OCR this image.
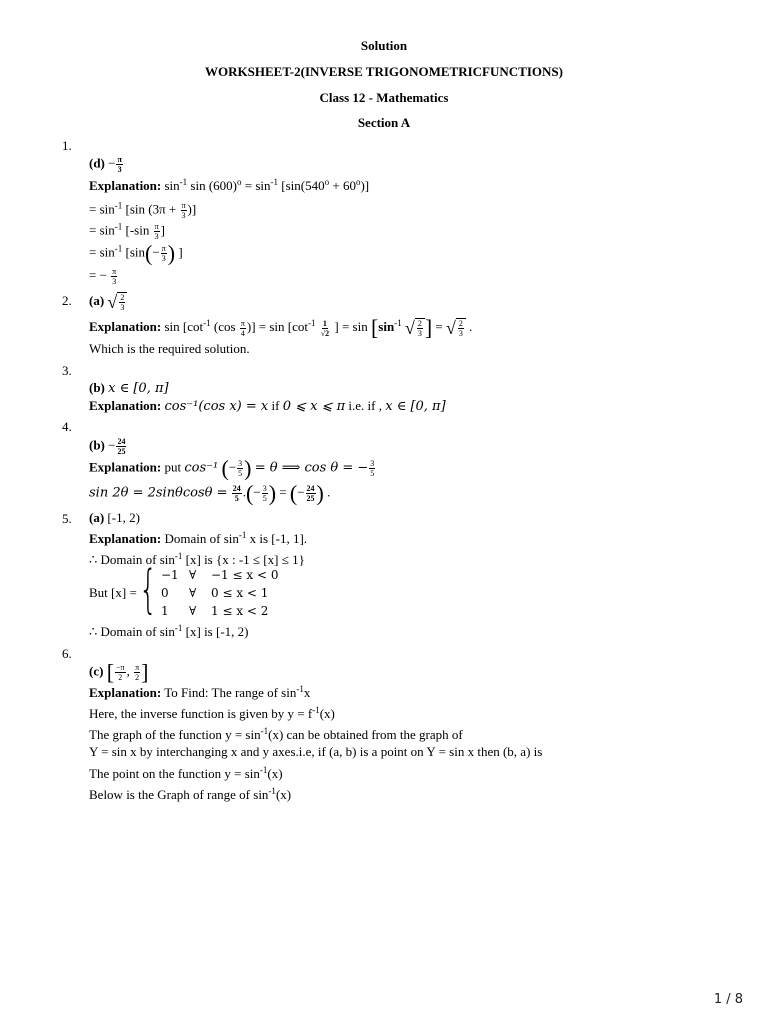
Solution
WORKSHEET-2(INVERSE TRIGONOMETRICFUNCTIONS)
Class 12 - Mathematics
Section A
1.
$(d) - \frac{\pi}{3}$
Explanation: $\sin^{-1} \sin (600)^o = \sin^{-1} [\sin(540^o + 60^o)]$
= $\sin^{-1} [\sin$ ($3\pi + \frac{\pi}{3}$ )]
= $\sin^{-1} [-\sin \frac{\pi}{3}$ ]
= $\sin^{-1} [\sin(- \frac{\pi}{3}$ ) ]
= − $\frac{\pi}{3}$
2. (a) √ $\frac{2}{3}$
Explanation: $\sin [\cot^{-1}$ ($\cos \frac{\pi}{4}$ )] = $\sin [\cot^{-1} \frac{1}{√2}$ ] = $\sin [\sin^{-1}$ √ $\frac{2}{3}$ ] = √ $\frac{2}{3}$ .
Which is the required solution.
3.
(b) x ∈ [0, π]
Explanation: cos⁻¹(cos x) = x if 0 ⩽ x ⩽ π i.e. if , x ∈ [0, π]
4.
$(b) - \frac{24}{25}$
Explanation: put cos⁻¹ (− $\frac{3}{5}$ ) = θ ⟹ cos θ = − $\frac{3}{5}$
$\sin 2\theta = 2\sin\theta\cos\theta = \frac{24}{5}$ .(− $\frac{3}{5}$ ) = (− $\frac{24}{25}$ ) .
5. (a) [-1, 2)
Explanation: Domain of $\sin^{-1} x$ is [-1, 1].
∴ Domain of $\sin^{-1} [x]$ is {x : -1 ≤ [x] ≤ 1}
But [x] = { −1 ∀ −1 ≤ x < 0
0 ∀ 0 ≤ x < 1
1 ∀ 1 ≤ x < 2
∴ Domain of $\sin^{-1} [x]$ is [-1, 2)
6.
(c) [ $\frac{-\pi}{2}$ , $\frac{\pi}{2}$ ]
Explanation: To Find: The range of $\sin^{-1}x$
Here, the inverse function is given by $y = f^{-1}(x)$
The graph of the function $y = \sin^{-1}(x)$ can be obtained from the graph of
Y = sin x by interchanging x and y axes.i.e, if (a, b) is a point on Y = sin x then (b, a) is
The point on the function $y = \sin^{-1}(x)$
Below is the Graph of range of $\sin^{-1}(x)$
1 / 8
